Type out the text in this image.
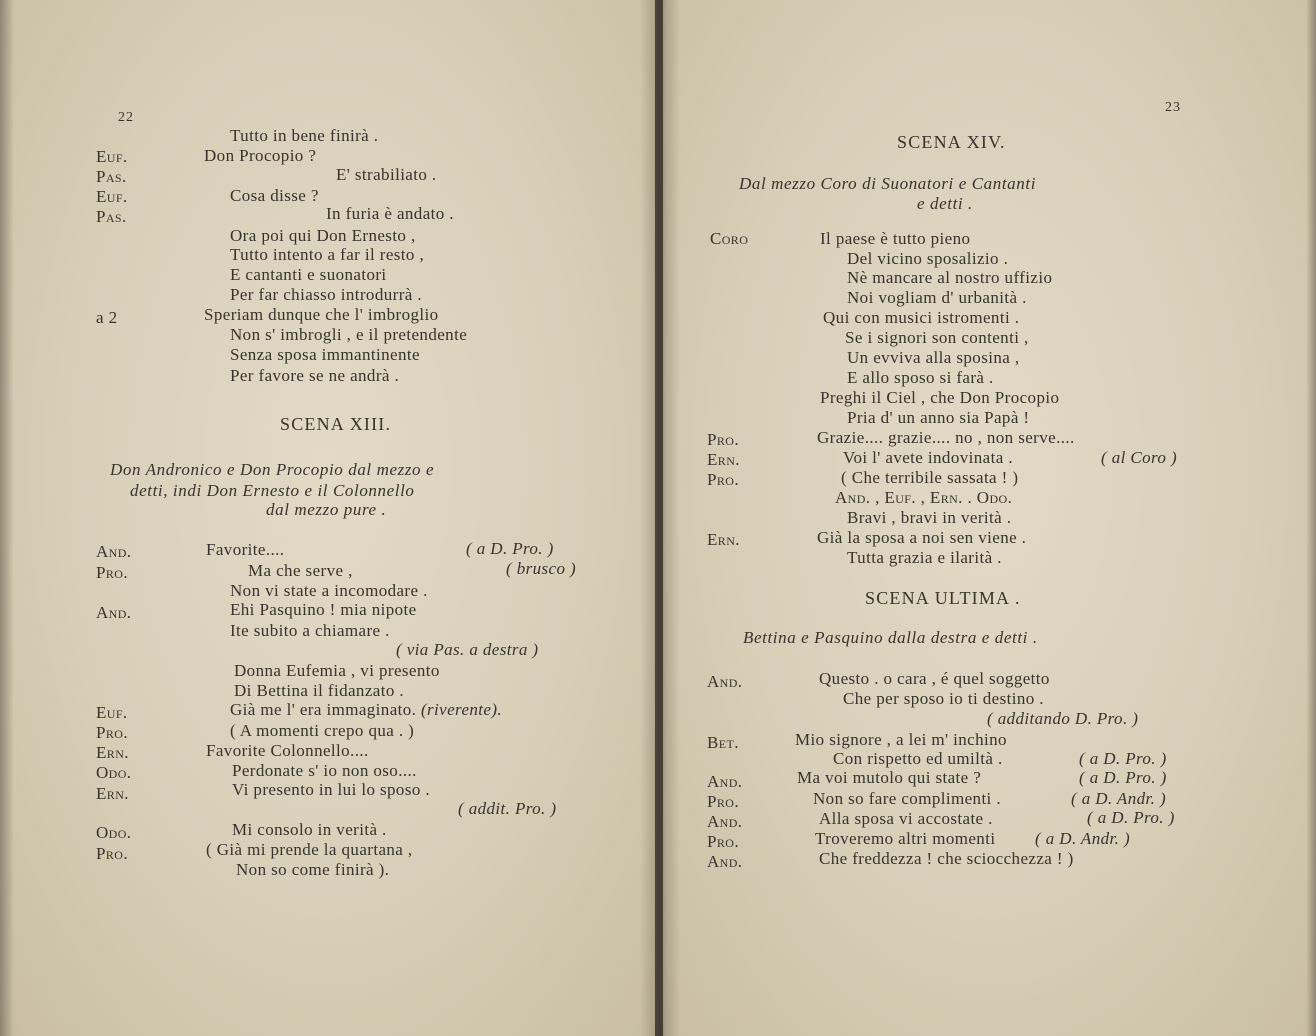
22
Tutto in bene finirà .
Euf.	Don Procopio ?
Pas.	E' strabiliato .
Euf.	Cosa disse ?
Pas.	In furia è andato .
Ora poi qui Don Ernesto ,
Tutto intento a far il resto ,
E cantanti e suonatori
Per far chiasso introdurrà .
a 2	Speriam dunque che l' imbroglio
Non s' imbrogli , e il pretendente
Senza sposa immantinente
Per favore se ne andrà .
SCENA XIII.
Don Andronico e Don Procopio dal mezzo e
detti, indi Don Ernesto e il Colonnello
dal mezzo pure .
And.	Favorite....	( a D. Pro. )
Pro.	Ma che serve ,	( brusco )
Non vi state a incomodare .
And.	Ehi Pasquino ! mia nipote
Ite subito a chiamare .
( via Pas. a destra )
Donna Eufemia , vi presento
Di Bettina il fidanzato .
Euf.	Già me l' era immaginato. (riverente).
Pro.	( A momenti crepo qua . )
Ern.	Favorite Colonnello....
Odo.	Perdonate s' io non oso....
Ern.	Vi presento in lui lo sposo .
( addit. Pro. )
Odo.	Mi consolo in verità .
Pro.	( Già mi prende la quartana ,
Non so come finirà ).
23
SCENA XIV.
Dal mezzo Coro di Suonatori e Cantanti
e detti .
Coro	Il paese è tutto pieno
Del vicino sposalizio .
Nè mancare al nostro uffizio
Noi vogliam d' urbanità .
Qui con musici istromenti .
Se i signori son contenti ,
Un evviva alla sposina ,
E allo sposo si farà .
Preghi il Ciel , che Don Procopio
Pria d' un anno sia Papà !
Pro.	Grazie.... grazie.... no , non serve....
Ern.	Voi l' avete indovinata .	( al Coro )
Pro.	( Che terribile sassata ! )
And. , Euf. , Ern. . Odo.
Bravi , bravi in verità .
Ern.	Già la sposa a noi sen viene .
Tutta grazia e ilarità .
SCENA ULTIMA .
Bettina e Pasquino dalla destra e detti .
And.	Questo . o cara , é quel soggetto
Che per sposo io ti destino .
( additando D. Pro. )
Bet.	Mio signore , a lei m' inchino
Con rispetto ed umiltà .	( a D. Pro. )
And.	Ma voi mutolo qui state ?	( a D. Pro. )
Pro.	Non so fare complimenti .	( a D. Andr. )
And.	Alla sposa vi accostate .	( a D. Pro. )
Pro.	Troveremo altri momenti ( a D. Andr. )
And.	Che freddezza ! che sciocchezza ! )
